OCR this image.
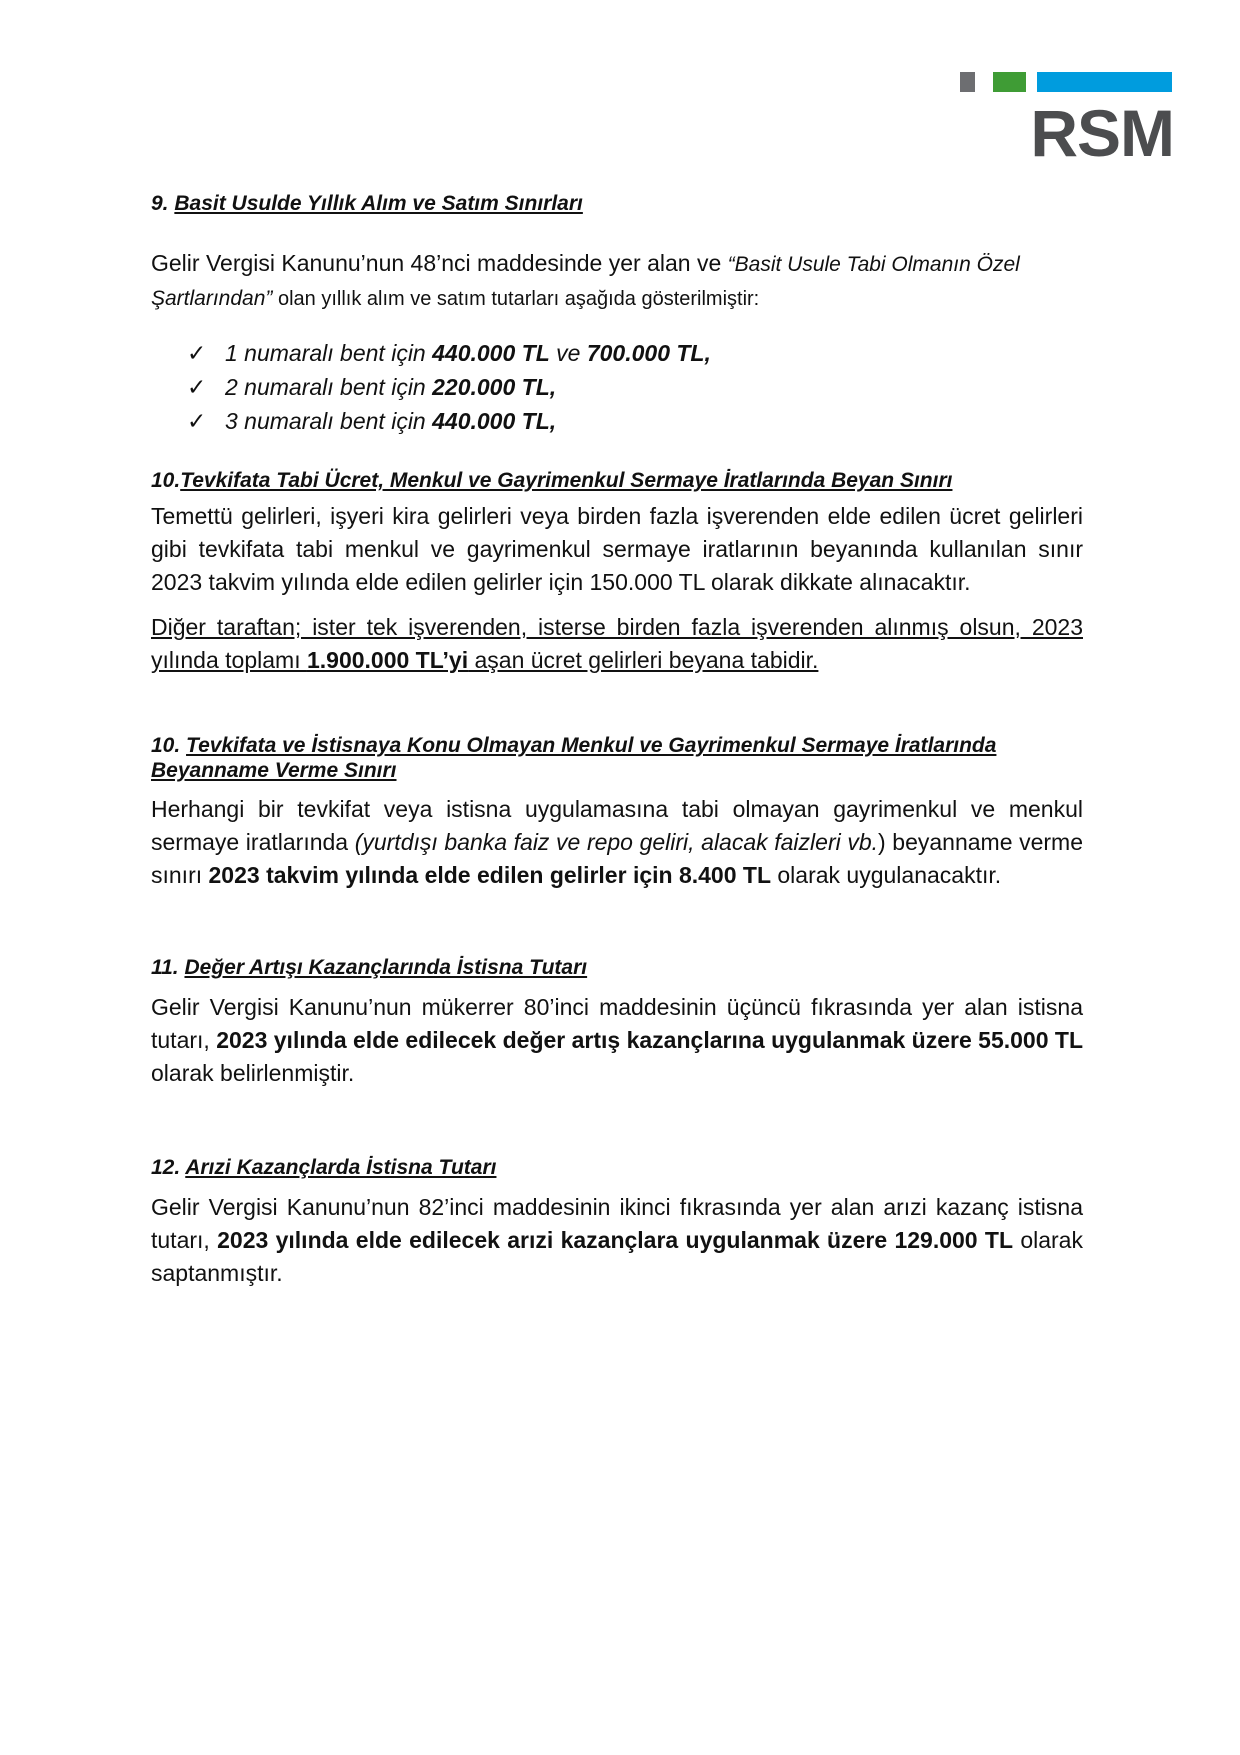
RSM

9. Basit Usulde Yıllık Alım ve Satım Sınırları

Gelir Vergisi Kanunu’nun 48’nci maddesinde yer alan ve “Basit Usule Tabi Olmanın Özel Şartlarından” olan yıllık alım ve satım tutarları aşağıda gösterilmiştir:

✓ 1 numaralı bent için 440.000 TL ve 700.000 TL,
✓ 2 numaralı bent için 220.000 TL,
✓ 3 numaralı bent için 440.000 TL,

10.Tevkifata Tabi Ücret, Menkul ve Gayrimenkul Sermaye İratlarında Beyan Sınırı

Temettü gelirleri, işyeri kira gelirleri veya birden fazla işverenden elde edilen ücret gelirleri gibi tevkifata tabi menkul ve gayrimenkul sermaye iratlarının beyanında kullanılan sınır 2023 takvim yılında elde edilen gelirler için 150.000 TL olarak dikkate alınacaktır.

Diğer taraftan; ister tek işverenden, isterse birden fazla işverenden alınmış olsun, 2023 yılında toplamı 1.900.000 TL’yi aşan ücret gelirleri beyana tabidir.

10. Tevkifata ve İstisnaya Konu Olmayan Menkul ve Gayrimenkul Sermaye İratlarında Beyanname Verme Sınırı

Herhangi bir tevkifat veya istisna uygulamasına tabi olmayan gayrimenkul ve menkul sermaye iratlarında (yurtdışı banka faiz ve repo geliri, alacak faizleri vb.) beyanname verme sınırı 2023 takvim yılında elde edilen gelirler için 8.400 TL olarak uygulanacaktır.

11. Değer Artışı Kazançlarında İstisna Tutarı

Gelir Vergisi Kanunu’nun mükerrer 80’inci maddesinin üçüncü fıkrasında yer alan istisna tutarı, 2023 yılında elde edilecek değer artış kazançlarına uygulanmak üzere 55.000 TL olarak belirlenmiştir.

12. Arızi Kazançlarda İstisna Tutarı

Gelir Vergisi Kanunu’nun 82’inci maddesinin ikinci fıkrasında yer alan arızi kazanç istisna tutarı, 2023 yılında elde edilecek arızi kazançlara uygulanmak üzere 129.000 TL olarak saptanmıştır.
